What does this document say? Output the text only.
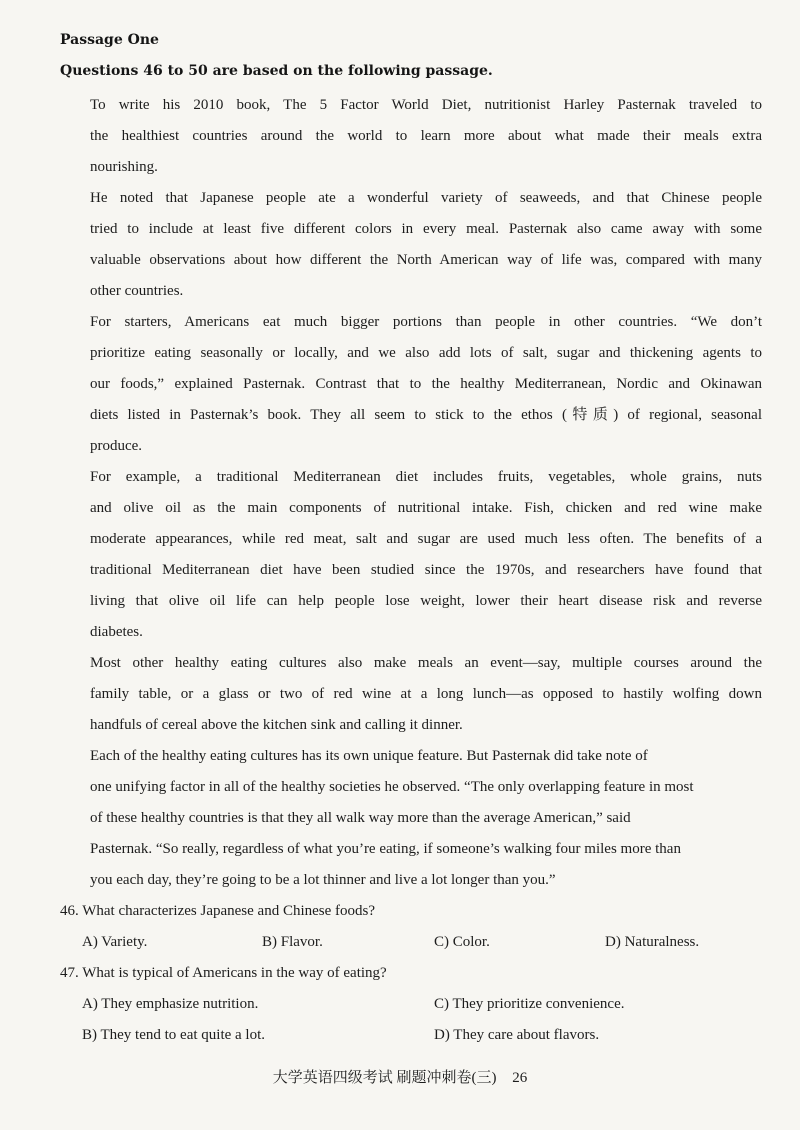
Passage One
Questions 46 to 50 are based on the following passage.

To write his 2010 book, The 5 Factor World Diet, nutritionist Harley Pasternak traveled to
the healthiest countries around the world to learn more about what made their meals extra
nourishing.

He noted that Japanese people ate a wonderful variety of seaweeds, and that Chinese people
tried to include at least five different colors in every meal. Pasternak also came away with some
valuable observations about how different the North American way of life was, compared with many
other countries.

For starters, Americans eat much bigger portions than people in other countries. “We don’t
prioritize eating seasonally or locally, and we also add lots of salt, sugar and thickening agents to
our foods,” explained Pasternak. Contrast that to the healthy Mediterranean, Nordic and Okinawan
diets listed in Pasternak’s book. They all seem to stick to the ethos (特质) of regional, seasonal
produce.

For example, a traditional Mediterranean diet includes fruits, vegetables, whole grains, nuts
and olive oil as the main components of nutritional intake. Fish, chicken and red wine make
moderate appearances, while red meat, salt and sugar are used much less often. The benefits of a
traditional Mediterranean diet have been studied since the 1970s, and researchers have found that
living that olive oil life can help people lose weight, lower their heart disease risk and reverse
diabetes.

Most other healthy eating cultures also make meals an event—say, multiple courses around the
family table, or a glass or two of red wine at a long lunch—as opposed to hastily wolfing down
handfuls of cereal above the kitchen sink and calling it dinner.

Each of the healthy eating cultures has its own unique feature. But Pasternak did take note of
one unifying factor in all of the healthy societies he observed. “The only overlapping feature in most
of these healthy countries is that they all walk way more than the average American,” said
Pasternak. “So really, regardless of what you’re eating, if someone’s walking four miles more than
you each day, they’re going to be a lot thinner and live a lot longer than you.”

46. What characterizes Japanese and Chinese foods?
A) Variety.	B) Flavor.	C) Color.	D) Naturalness.
47. What is typical of Americans in the way of eating?
A) They emphasize nutrition.	C) They prioritize convenience.
B) They tend to eat quite a lot.	D) They care about flavors.
大学英语四级考试 刷题冲刺卷(三) 26
